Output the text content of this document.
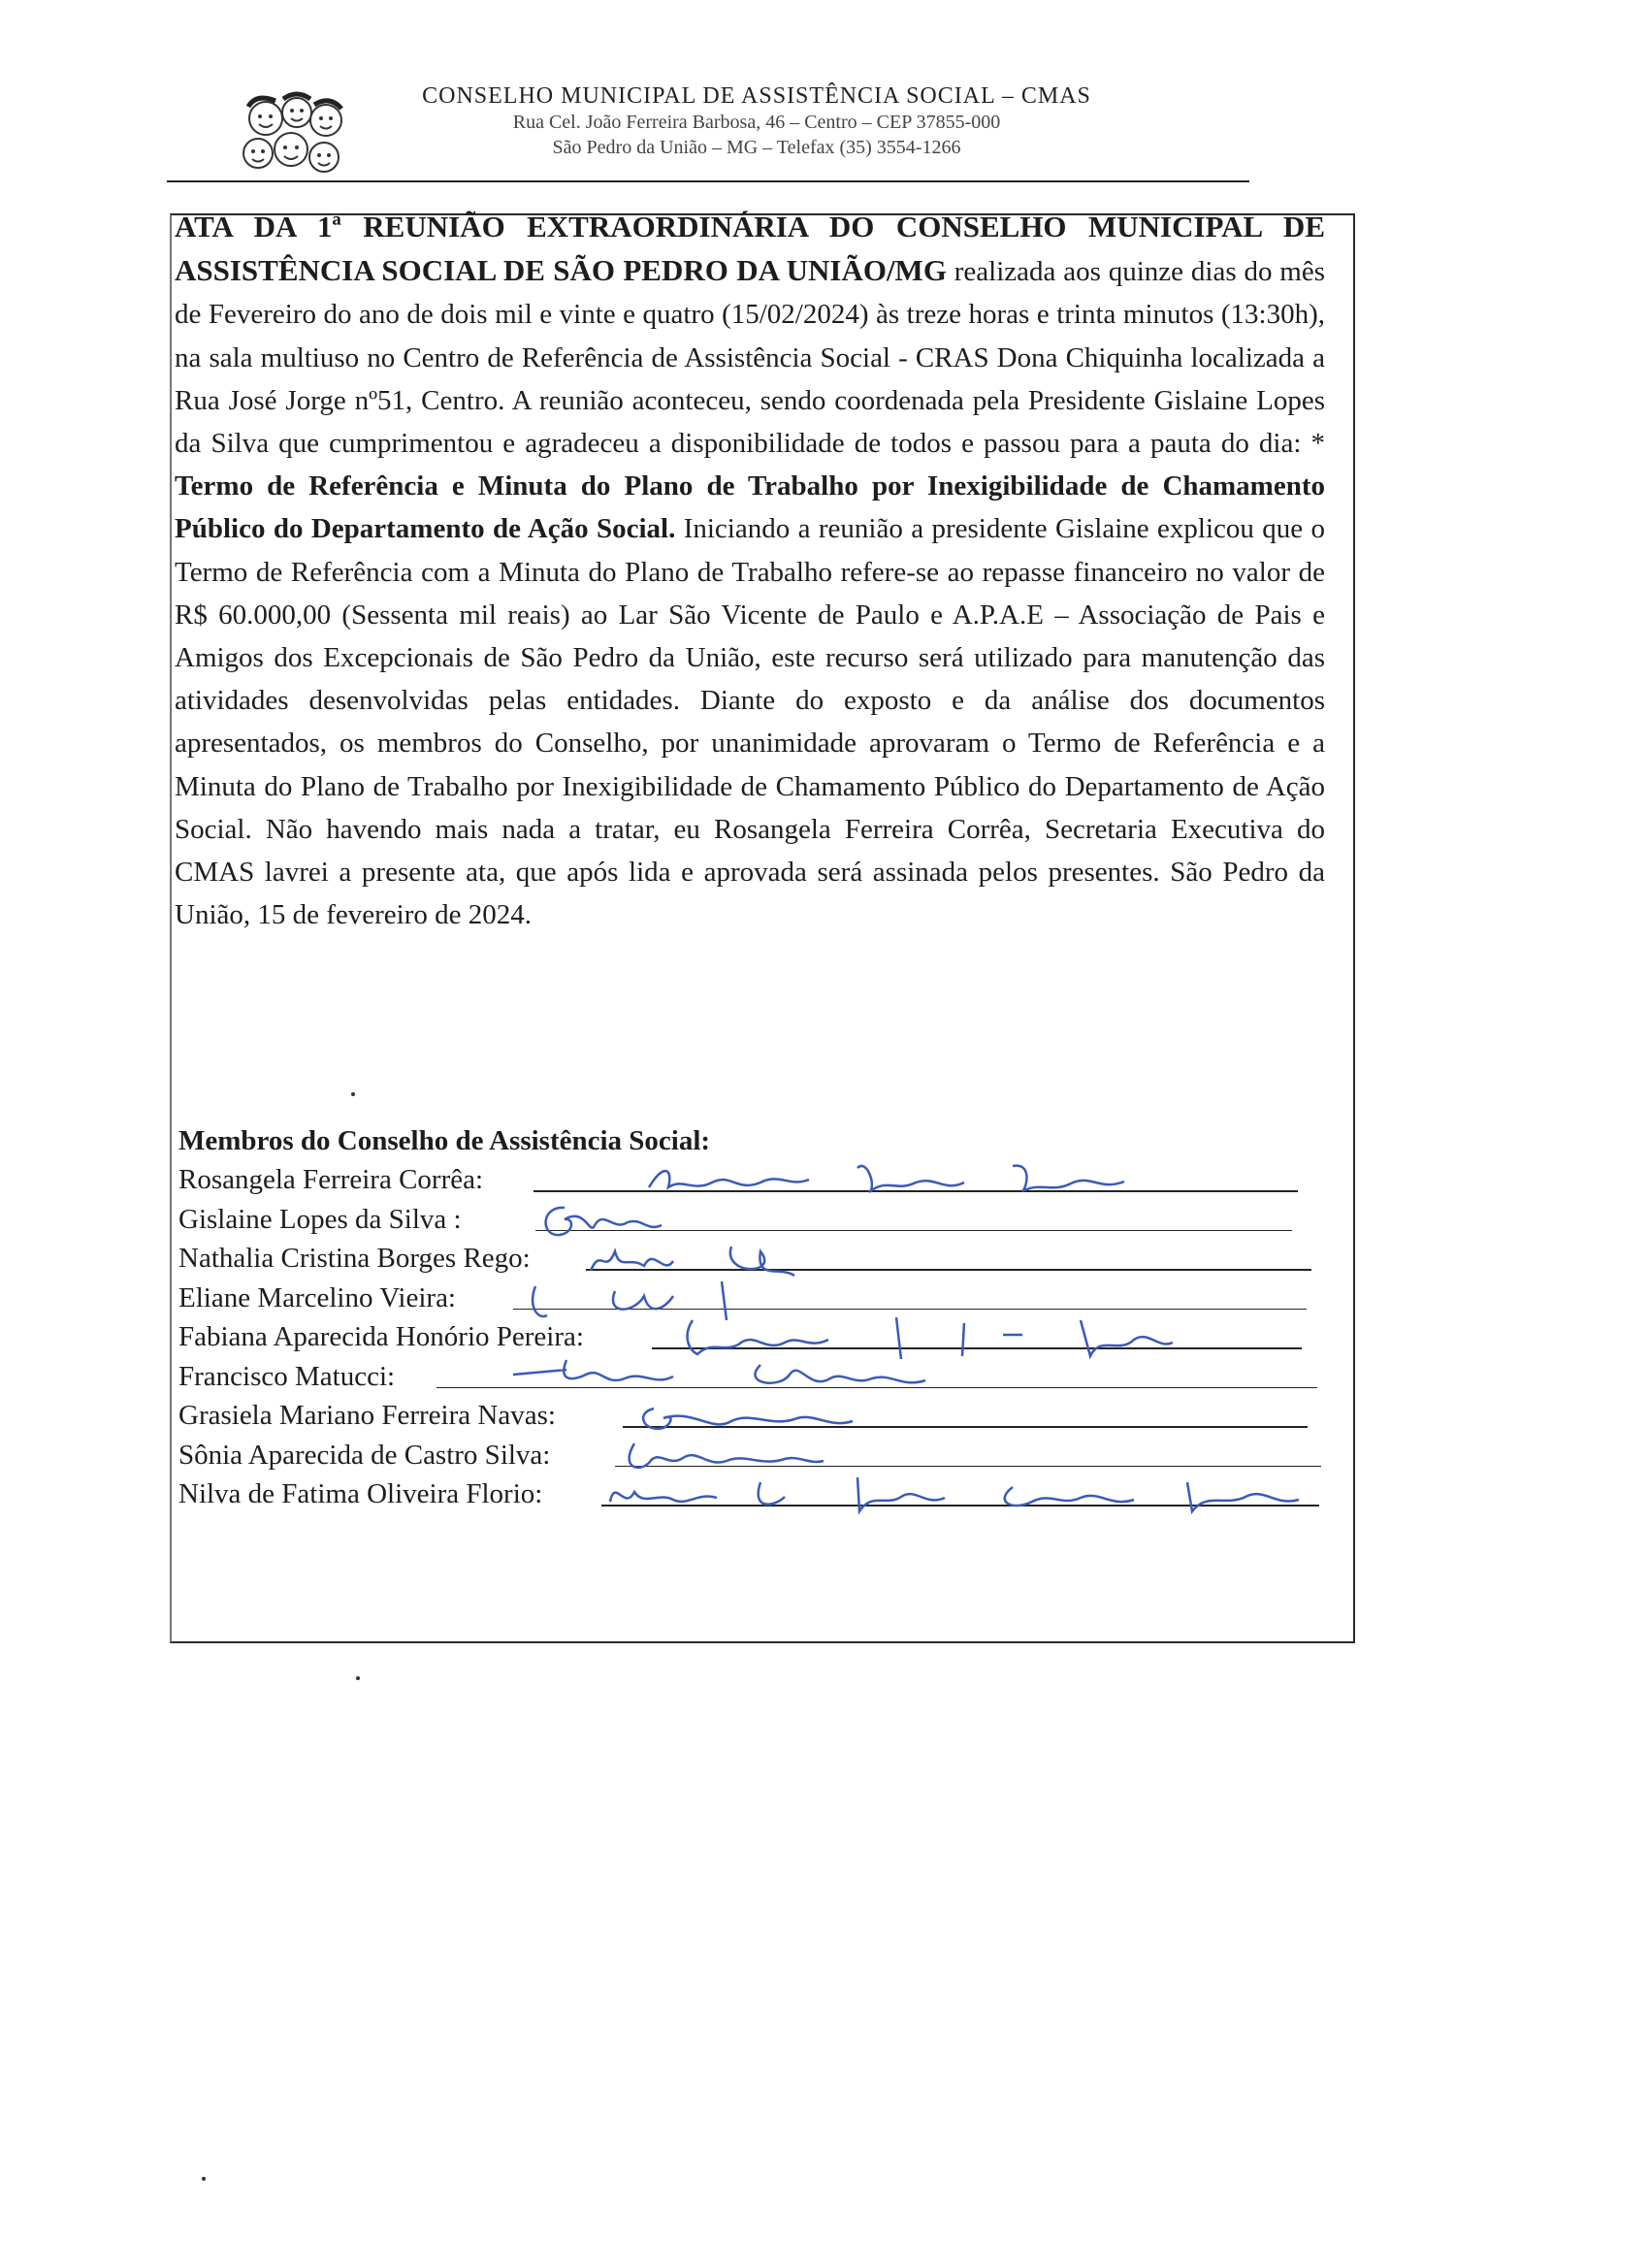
CONSELHO MUNICIPAL DE ASSISTÊNCIA SOCIAL – CMAS
Rua Cel. João Ferreira Barbosa, 46 – Centro – CEP 37855-000
São Pedro da União – MG – Telefax (35) 3554-1266
ATA DA 1ª REUNIÃO EXTRAORDINÁRIA DO CONSELHO MUNICIPAL DE ASSISTÊNCIA SOCIAL DE SÃO PEDRO DA UNIÃO/MG realizada aos quinze dias do mês de Fevereiro do ano de dois mil e vinte e quatro (15/02/2024) às treze horas e trinta minutos (13:30h), na sala multiuso no Centro de Referência de Assistência Social - CRAS Dona Chiquinha localizada a Rua José Jorge nº51, Centro. A reunião aconteceu, sendo coordenada pela Presidente Gislaine Lopes da Silva que cumprimentou e agradeceu a disponibilidade de todos e passou para a pauta do dia: * Termo de Referência e Minuta do Plano de Trabalho por Inexigibilidade de Chamamento Público do Departamento de Ação Social. Iniciando a reunião a presidente Gislaine explicou que o Termo de Referência com a Minuta do Plano de Trabalho refere-se ao repasse financeiro no valor de R$ 60.000,00 (Sessenta mil reais) ao Lar São Vicente de Paulo e A.P.A.E – Associação de Pais e Amigos dos Excepcionais de São Pedro da União, este recurso será utilizado para manutenção das atividades desenvolvidas pelas entidades. Diante do exposto e da análise dos documentos apresentados, os membros do Conselho, por unanimidade aprovaram o Termo de Referência e a Minuta do Plano de Trabalho por Inexigibilidade de Chamamento Público do Departamento de Ação Social. Não havendo mais nada a tratar, eu Rosangela Ferreira Corrêa, Secretaria Executiva do CMAS lavrei a presente ata, que após lida e aprovada será assinada pelos presentes. São Pedro da União, 15 de fevereiro de 2024.
Membros do Conselho de Assistência Social:
Rosangela Ferreira Corrêa:
Gislaine Lopes da Silva :
Nathalia Cristina Borges Rego:
Eliane Marcelino Vieira:
Fabiana Aparecida Honório Pereira:
Francisco Matucci:
Grasiela Mariano Ferreira Navas:
Sônia Aparecida de Castro Silva:
Nilva de Fatima Oliveira Florio:
